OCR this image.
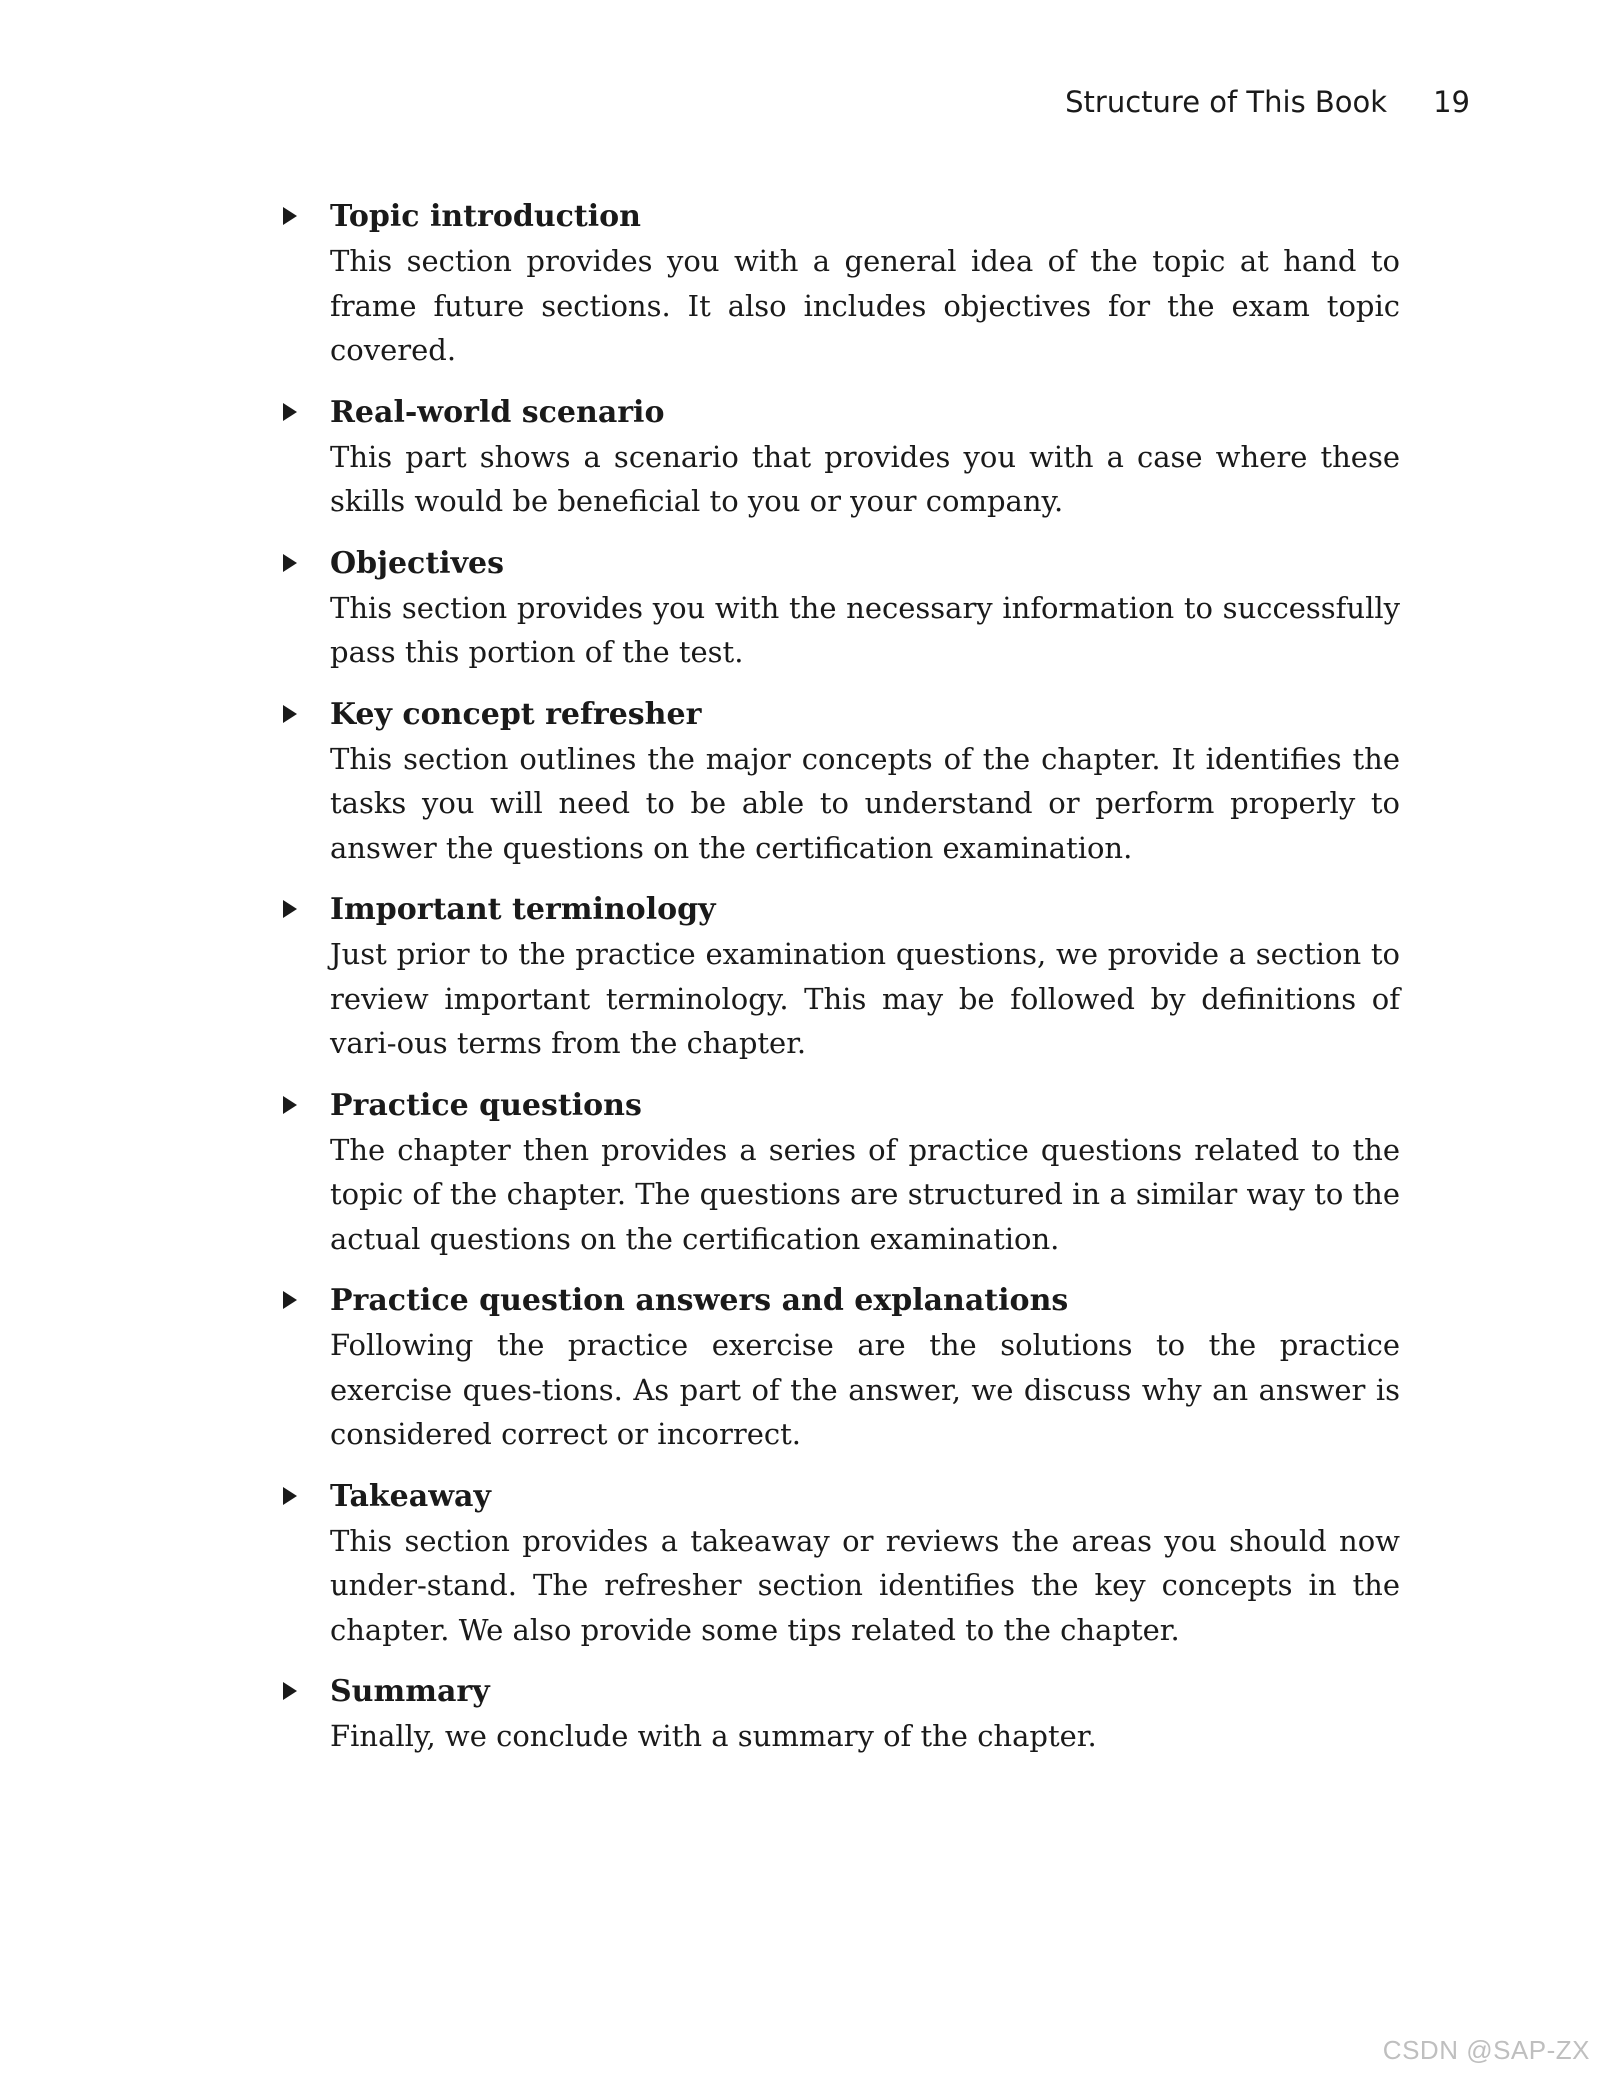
Structure of This Book 19

Topic introduction

This section provides you with a general idea of the topic at hand to frame future sections. It also includes objectives for the exam topic covered.

Real-world scenario

This part shows a scenario that provides you with a case where these skills would be beneficial to you or your company.

Objectives

This section provides you with the necessary information to successfully pass this portion of the test.

Key concept refresher

This section outlines the major concepts of the chapter. It identifies the tasks you will need to be able to understand or perform properly to answer the questions on the certification examination.

Important terminology

Just prior to the practice examination questions, we provide a section to review important terminology. This may be followed by definitions of vari-ous terms from the chapter.

Practice questions

The chapter then provides a series of practice questions related to the topic of the chapter. The questions are structured in a similar way to the actual questions on the certification examination.

Practice question answers and explanations

Following the practice exercise are the solutions to the practice exercise ques-tions. As part of the answer, we discuss why an answer is considered correct or incorrect.

Takeaway

This section provides a takeaway or reviews the areas you should now under-stand. The refresher section identifies the key concepts in the chapter. We also provide some tips related to the chapter.

Summary

Finally, we conclude with a summary of the chapter.

CSDN @SAP-ZX
